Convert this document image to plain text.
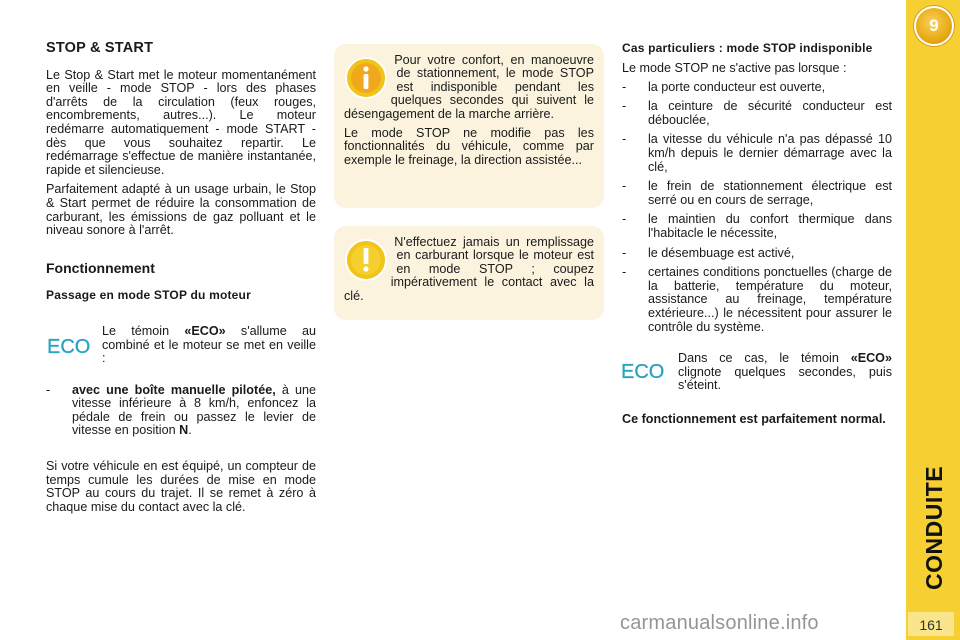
9
161
STOP & START

Le Stop & Start met le moteur momentanément en veille - mode STOP - lors des phases d'arrêts de la circulation (feux rouges, encombrements, autres...). Le moteur redémarre automatiquement - mode START - dès que vous souhaitez repartir. Le redémarrage s'effectue de manière instantanée, rapide et silencieuse.

Parfaitement adapté à un usage urbain, le Stop & Start permet de réduire la consommation de carburant, les émissions de gaz polluant et le niveau sonore à l'arrêt.

Fonctionnement
Passage en mode STOP du moteur
ECO
Le témoin «ECO» s'allume au combiné et le moteur se met en veille :
- avec une boîte manuelle pilotée, à une vitesse inférieure à 8 km/h, enfoncez la pédale de frein ou passez le levier de vitesse en position N.

Si votre véhicule en est équipé, un compteur de temps cumule les durées de mise en mode STOP au cours du trajet. Il se remet à zéro à chaque mise du contact avec la clé.

Pour votre confort, en manoeuvre de stationnement, le mode STOP est indisponible pendant les quelques secondes qui suivent le désengagement de la marche arrière.

Le mode STOP ne modifie pas les fonctionnalités du véhicule, comme par exemple le freinage, la direction assistée...

N'effectuez jamais un remplissage en carburant lorsque le moteur est en mode STOP ; coupez impérativement le contact avec la clé.

Cas particuliers : mode STOP indisponible

Le mode STOP ne s'active pas lorsque :

- la porte conducteur est ouverte,
- la ceinture de sécurité conducteur est débouclée,
- la vitesse du véhicule n'a pas dépassé 10 km/h depuis le dernier démarrage avec la clé,
- le frein de stationnement électrique est serré ou en cours de serrage,
- le maintien du confort thermique dans l'habitacle le nécessite,
- le désembuage est activé,
- certaines conditions ponctuelles (charge de la batterie, température du moteur, assistance au freinage, température extérieure...) le nécessitent pour assurer le contrôle du système.
ECO
Dans ce cas, le témoin «ECO» clignote quelques secondes, puis s'éteint.

Ce fonctionnement est parfaitement normal.

carmanualsonline.info
